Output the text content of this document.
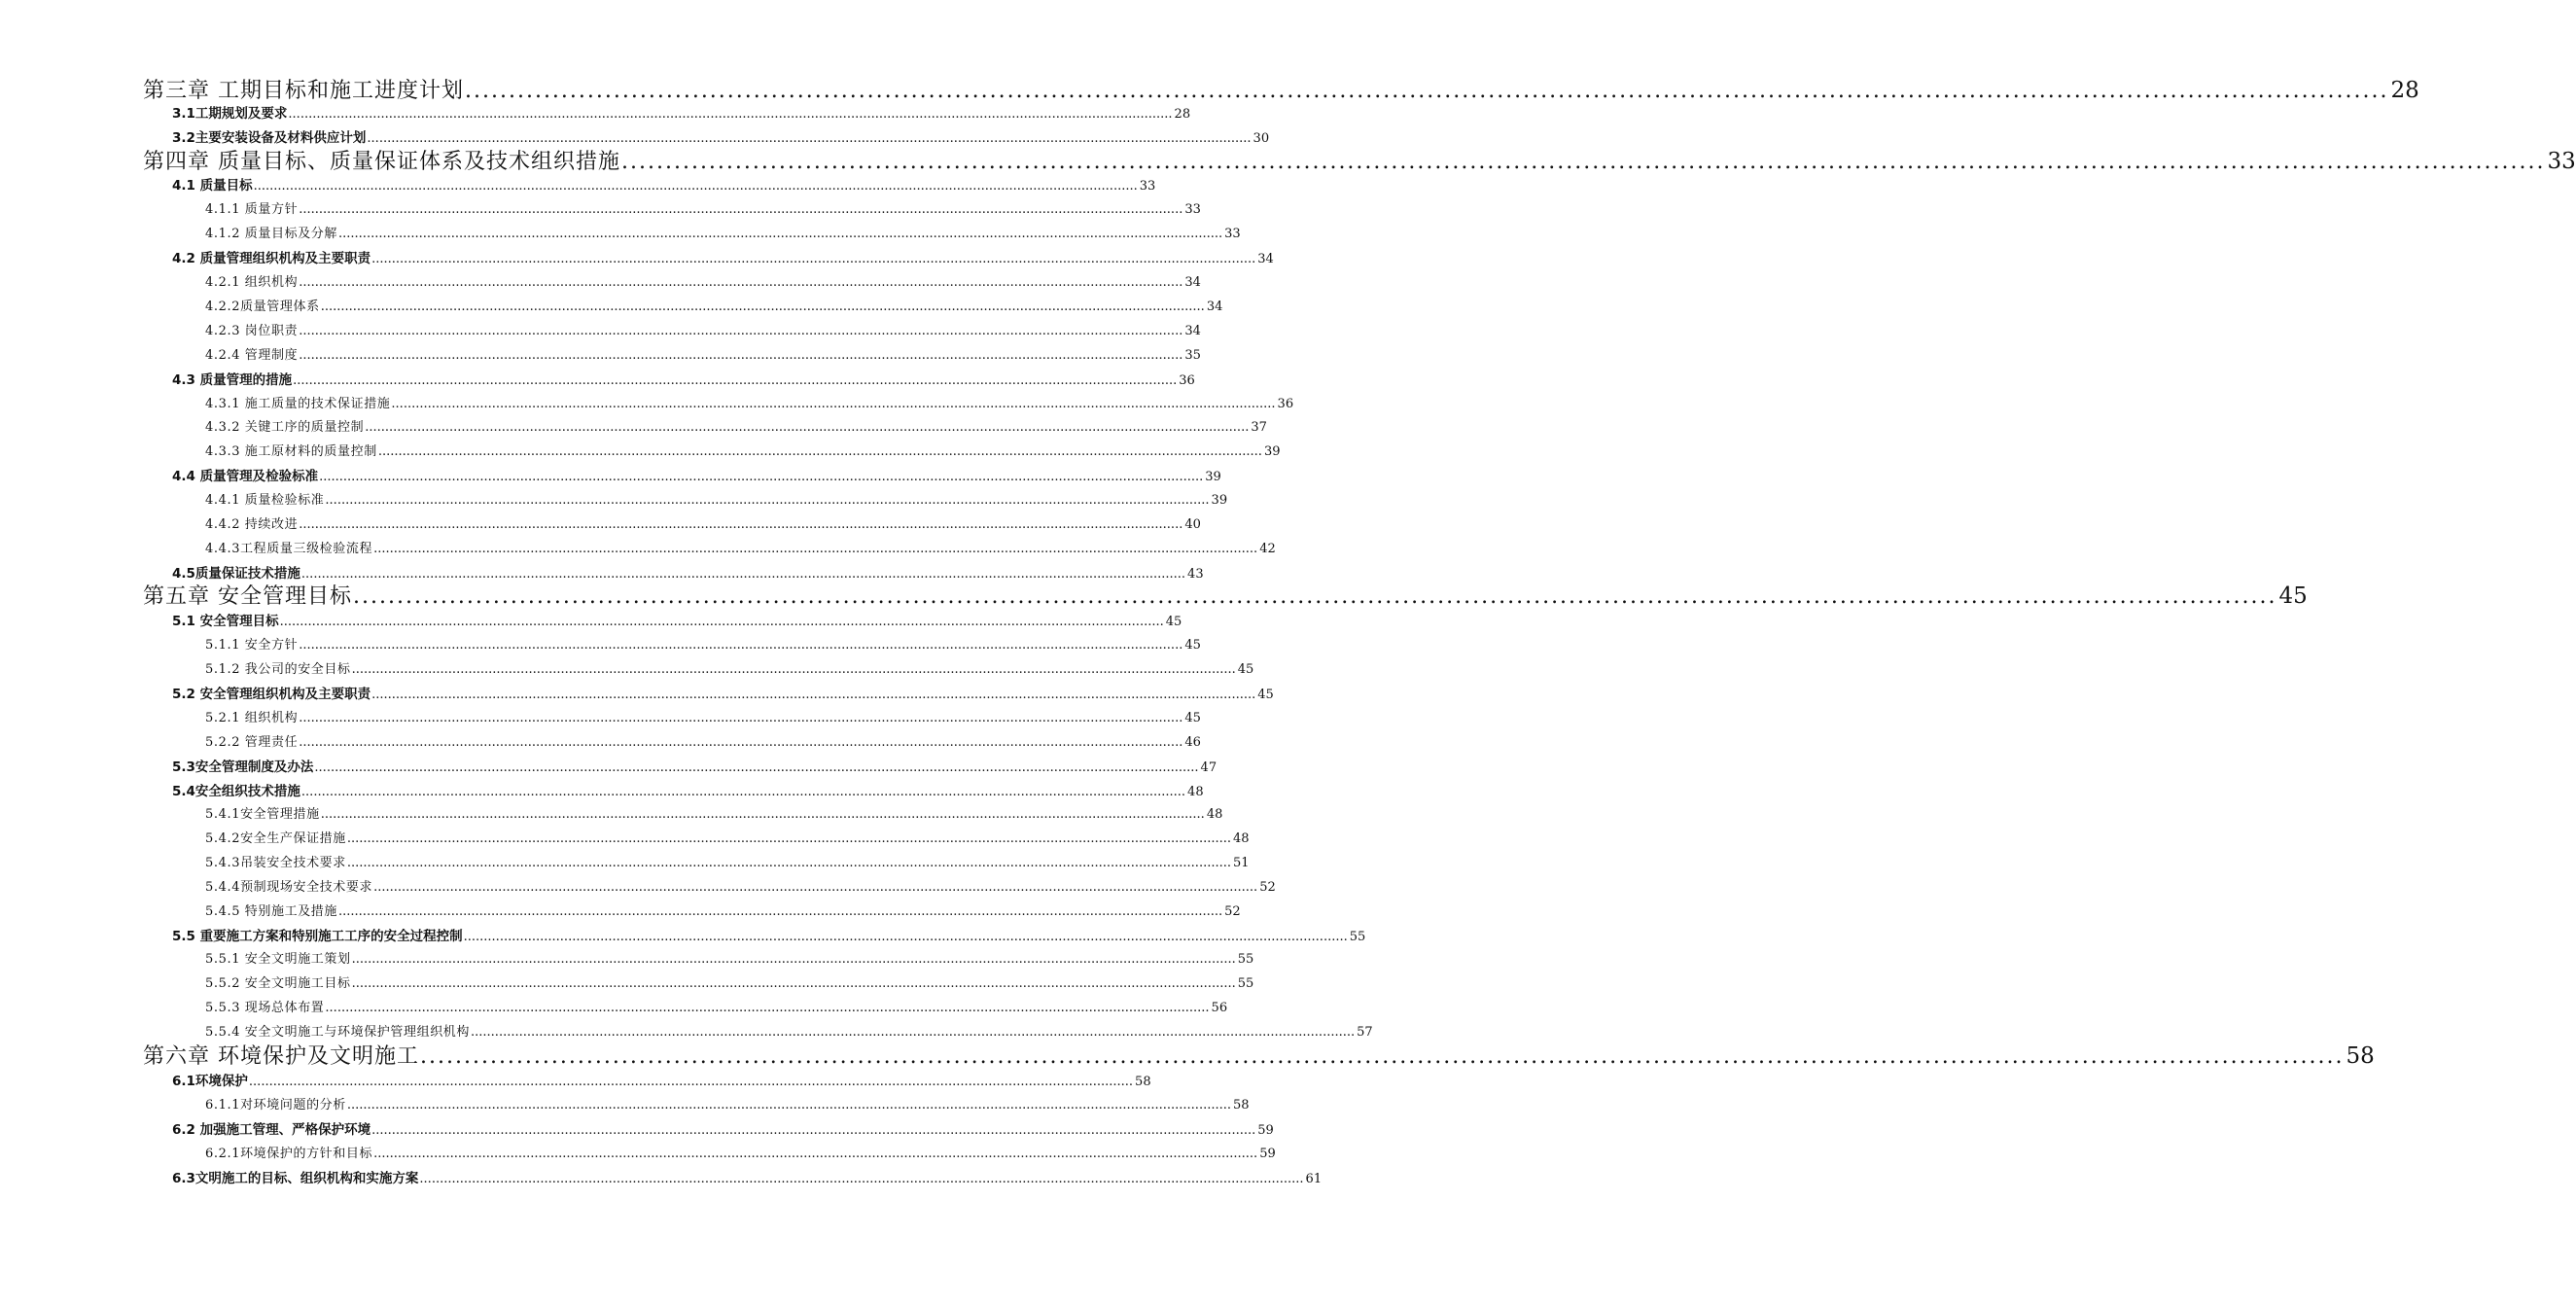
第三章 工期目标和施工进度计划 ............................................................................................................................................................................................................................ 28
3.1工期规划及要求 ............................................................................................................................................................................................................................ 28
3.2主要安装设备及材料供应计划 ............................................................................................................................................................................................................................ 30
第四章 质量目标、质量保证体系及技术组织措施 ............................................................................................................................................................................................................................ 33
4.1 质量目标 ............................................................................................................................................................................................................................ 33
4.1.1 质量方针 ............................................................................................................................................................................................................................ 33
4.1.2 质量目标及分解 ............................................................................................................................................................................................................................ 33
4.2 质量管理组织机构及主要职责 ............................................................................................................................................................................................................................ 34
4.2.1 组织机构 ............................................................................................................................................................................................................................ 34
4.2.2质量管理体系 ............................................................................................................................................................................................................................ 34
4.2.3 岗位职责 ............................................................................................................................................................................................................................ 34
4.2.4 管理制度 ............................................................................................................................................................................................................................ 35
4.3 质量管理的措施 ............................................................................................................................................................................................................................ 36
4.3.1 施工质量的技术保证措施 ............................................................................................................................................................................................................................ 36
4.3.2 关键工序的质量控制 ............................................................................................................................................................................................................................ 37
4.3.3 施工原材料的质量控制 ............................................................................................................................................................................................................................ 39
4.4 质量管理及检验标准 ............................................................................................................................................................................................................................ 39
4.4.1 质量检验标准 ............................................................................................................................................................................................................................ 39
4.4.2 持续改进 ............................................................................................................................................................................................................................ 40
4.4.3工程质量三级检验流程 ............................................................................................................................................................................................................................ 42
4.5质量保证技术措施 ............................................................................................................................................................................................................................ 43
第五章 安全管理目标 ............................................................................................................................................................................................................................ 45
5.1 安全管理目标 ............................................................................................................................................................................................................................ 45
5.1.1 安全方针 ............................................................................................................................................................................................................................ 45
5.1.2 我公司的安全目标 ............................................................................................................................................................................................................................ 45
5.2 安全管理组织机构及主要职责 ............................................................................................................................................................................................................................ 45
5.2.1 组织机构 ............................................................................................................................................................................................................................ 45
5.2.2 管理责任 ............................................................................................................................................................................................................................ 46
5.3安全管理制度及办法 ............................................................................................................................................................................................................................ 47
5.4安全组织技术措施 ............................................................................................................................................................................................................................ 48
5.4.1安全管理措施 ............................................................................................................................................................................................................................ 48
5.4.2安全生产保证措施 ............................................................................................................................................................................................................................ 48
5.4.3吊装安全技术要求 ............................................................................................................................................................................................................................ 51
5.4.4预制现场安全技术要求 ............................................................................................................................................................................................................................ 52
5.4.5 特别施工及措施 ............................................................................................................................................................................................................................ 52
5.5 重要施工方案和特别施工工序的安全过程控制 ............................................................................................................................................................................................................................ 55
5.5.1 安全文明施工策划 ............................................................................................................................................................................................................................ 55
5.5.2 安全文明施工目标 ............................................................................................................................................................................................................................ 55
5.5.3 现场总体布置 ............................................................................................................................................................................................................................ 56
5.5.4 安全文明施工与环境保护管理组织机构 ............................................................................................................................................................................................................................ 57
第六章 环境保护及文明施工 ............................................................................................................................................................................................................................ 58
6.1环境保护 ............................................................................................................................................................................................................................ 58
6.1.1对环境问题的分析 ............................................................................................................................................................................................................................ 58
6.2 加强施工管理、严格保护环境 ............................................................................................................................................................................................................................ 59
6.2.1环境保护的方针和目标 ............................................................................................................................................................................................................................ 59
6.3文明施工的目标、组织机构和实施方案 ............................................................................................................................................................................................................................ 61
